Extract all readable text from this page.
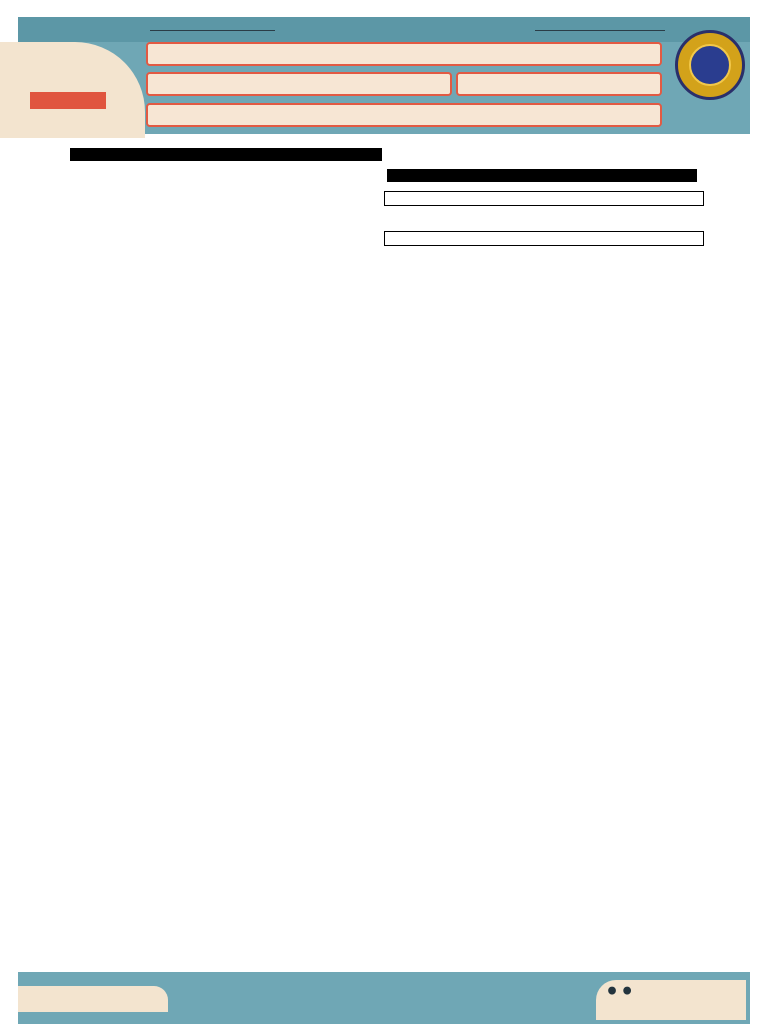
••
